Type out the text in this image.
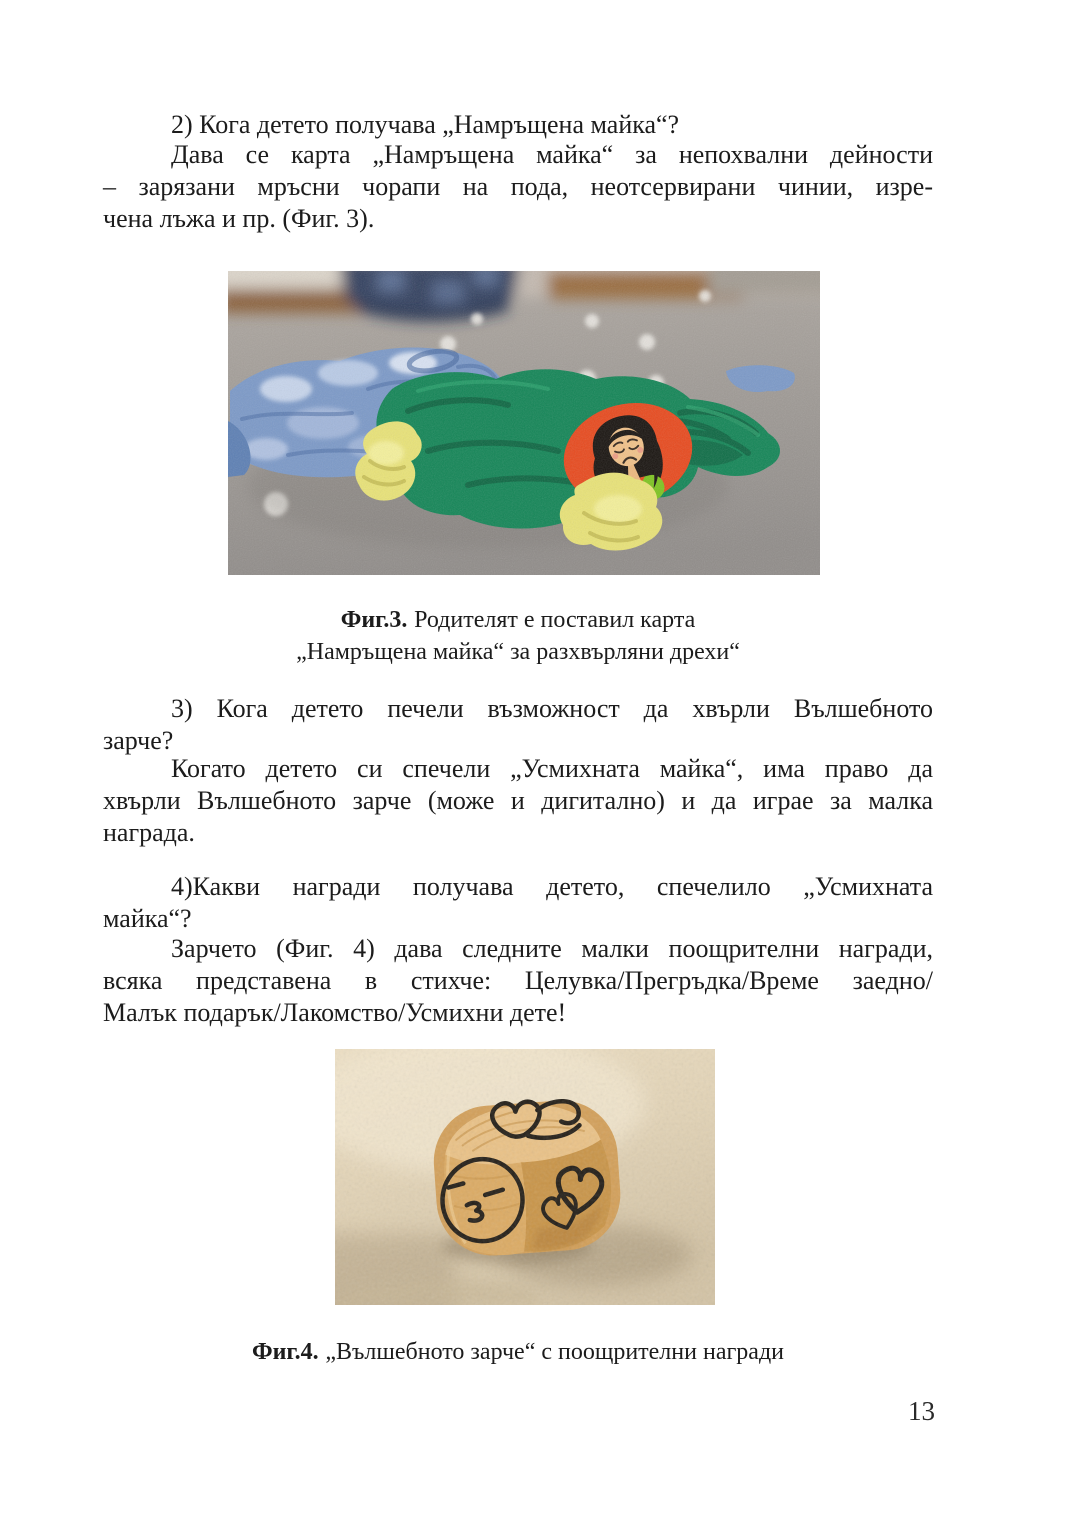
2) Кога детето получава „Намръщена майка“?

Дава се карта „Намръщена майка“ за непохвални дейности
– зарязани мръсни чорапи на пода, неотсервирани чинии, изре-
чена лъжа и пр. (Фиг. 3).
Фиг.3. Родителят е поставил карта
„Намръщена майка“ за разхвърляни дрехи“
3) Кога детето печели възможност да хвърли Вълшебното
зарче?
Когато детето си спечели „Усмихната майка“, има право да
хвърли Вълшебното зарче (може и дигитално) и да играе за малка
награда.
4)Какви награди получава детето, спечелило „Усмихната
майка“?
Зарчето (Фиг. 4) дава следните малки поощрителни награди,
всяка представена в стихче: Целувка/Прегръдка/Време заедно/
Малък подарък/Лакомство/Усмихни дете!
Фиг.4. „Вълшебното зарче“ с поощрителни награди
13
